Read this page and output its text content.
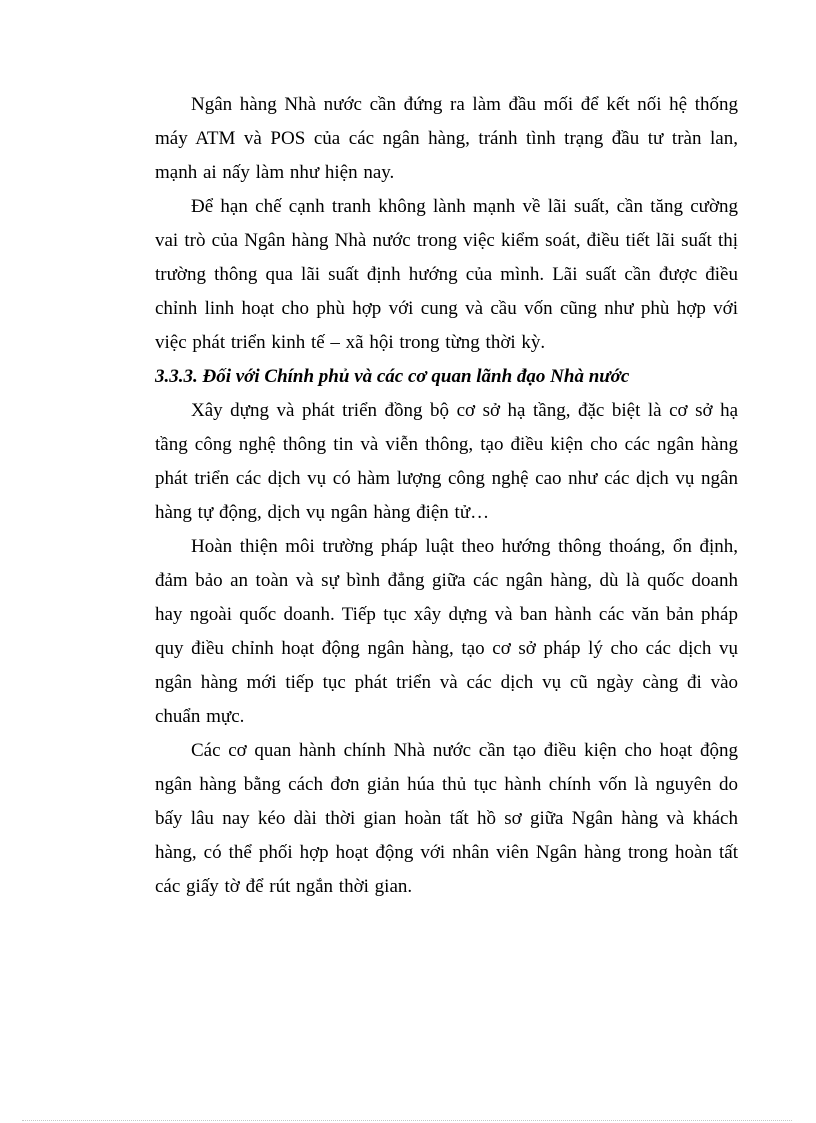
Ngân hàng Nhà nước cần đứng ra làm đầu mối để kết nối hệ thống máy ATM và POS của các ngân hàng, tránh tình trạng đầu tư tràn lan, mạnh ai nấy làm như hiện nay.

Để hạn chế cạnh tranh không lành mạnh về lãi suất, cần tăng cường vai trò của Ngân hàng Nhà nước trong việc kiểm soát, điều tiết lãi suất thị trường thông qua lãi suất định hướng của mình. Lãi suất cần được điều chỉnh linh hoạt cho phù hợp với cung và cầu vốn cũng như phù hợp với việc phát triển kinh tế – xã hội trong từng thời kỳ.

3.3.3. Đối với Chính phủ và các cơ quan lãnh đạo Nhà nước

Xây dựng và phát triển đồng bộ cơ sở hạ tầng, đặc biệt là cơ sở hạ tầng công nghệ thông tin và viễn thông, tạo điều kiện cho các ngân hàng phát triển các dịch vụ có hàm lượng công nghệ cao như các dịch vụ ngân hàng tự động, dịch vụ ngân hàng điện tử…

Hoàn thiện môi trường pháp luật theo hướng thông thoáng, ổn định, đảm bảo an toàn và sự bình đẳng giữa các ngân hàng, dù là quốc doanh hay ngoài quốc doanh. Tiếp tục xây dựng và ban hành các văn bản pháp quy điều chỉnh hoạt động ngân hàng, tạo cơ sở pháp lý cho các dịch vụ ngân hàng mới tiếp tục phát triển và các dịch vụ cũ ngày càng đi vào chuẩn mực.

Các cơ quan hành chính Nhà nước cần tạo điều kiện cho hoạt động ngân hàng bằng cách đơn giản húa thủ tục hành chính vốn là nguyên do bấy lâu nay kéo dài thời gian hoàn tất hồ sơ giữa Ngân hàng và khách hàng, có thể phối hợp hoạt động với nhân viên Ngân hàng trong hoàn tất các giấy tờ để rút ngắn thời gian.
